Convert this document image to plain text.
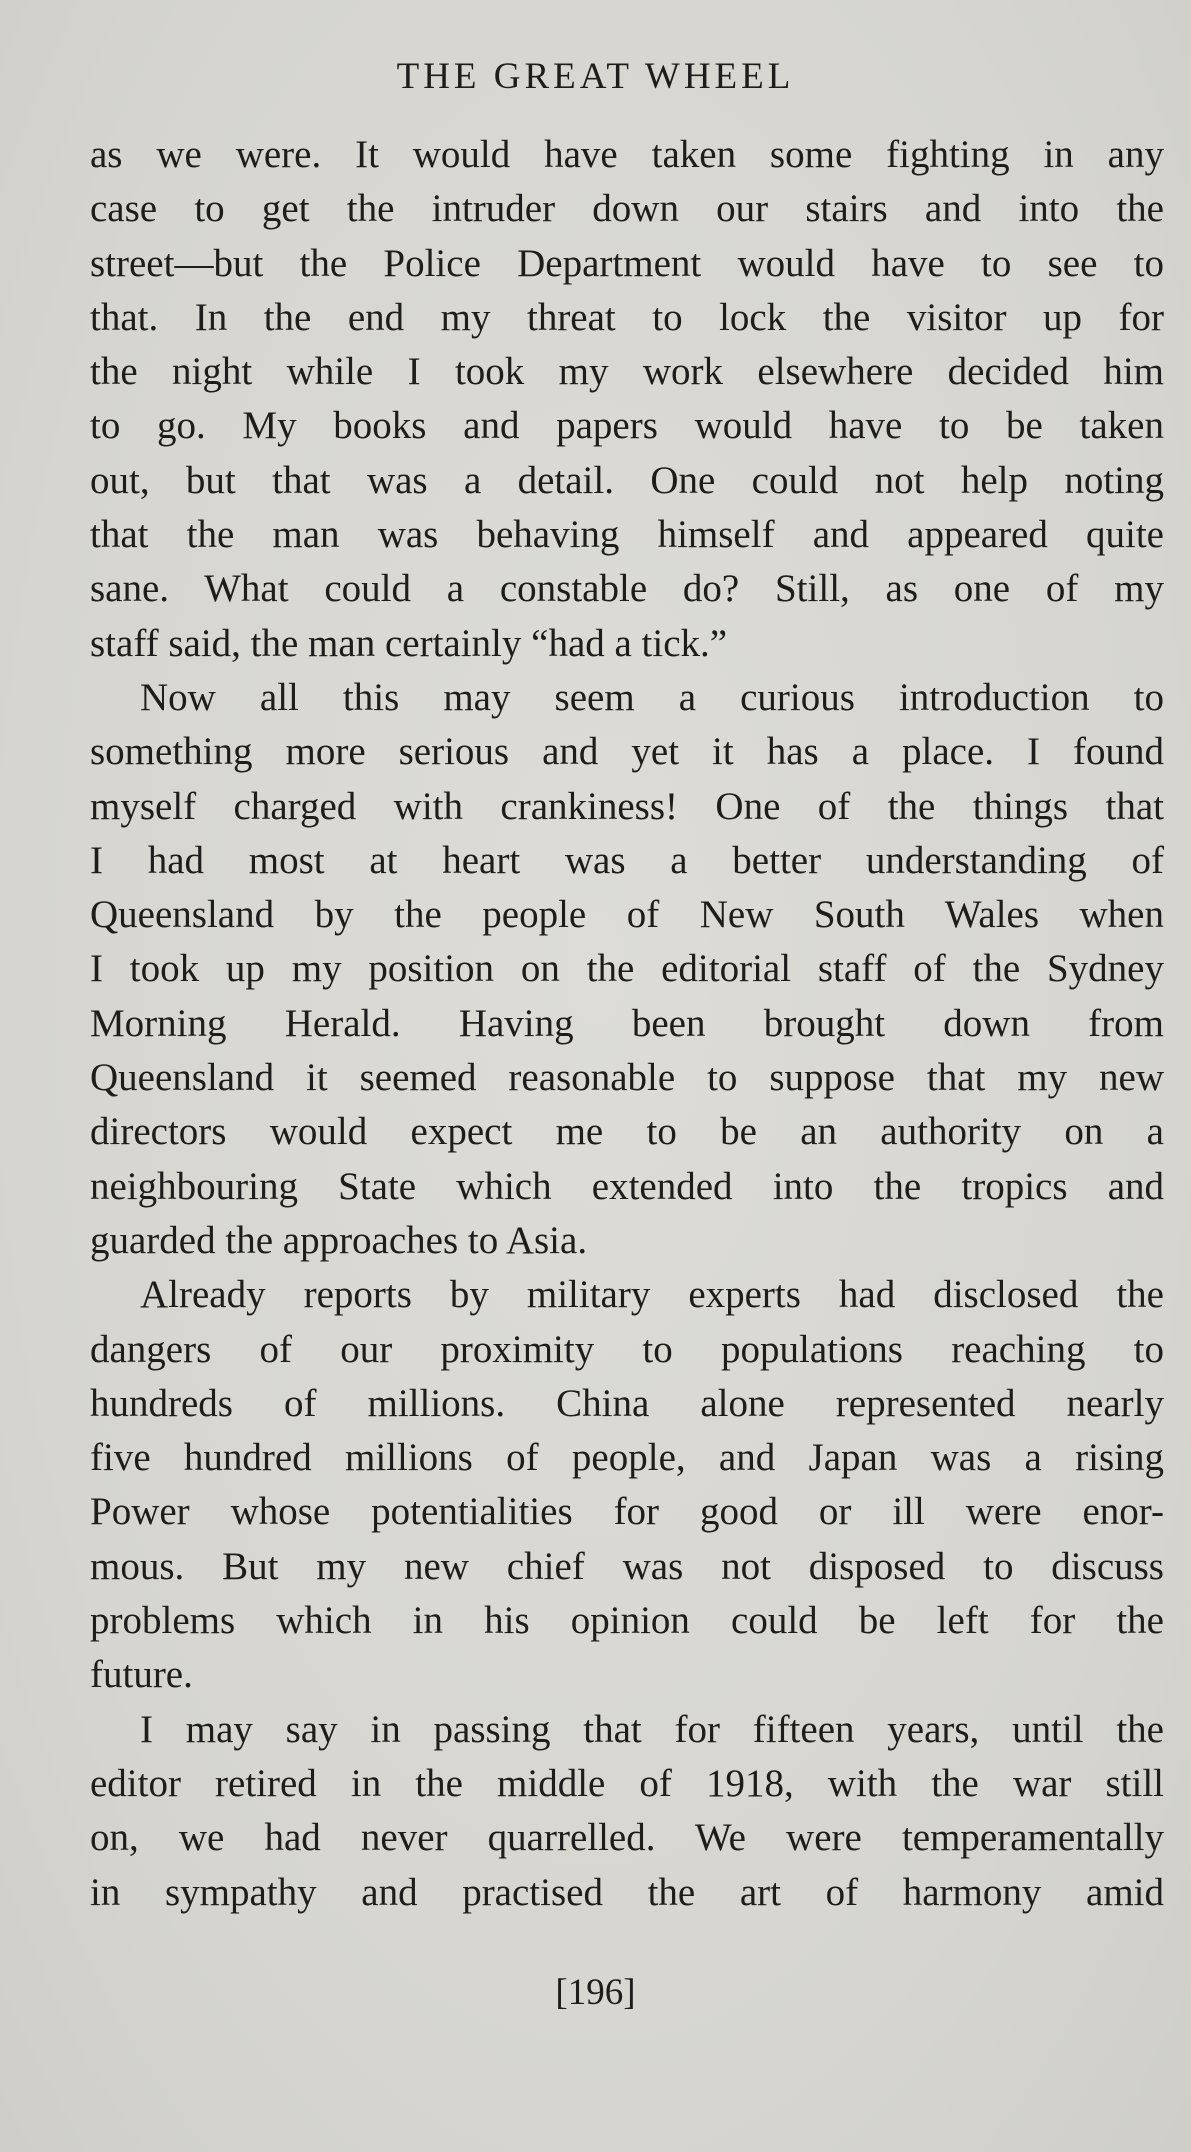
THE GREAT WHEEL
as we were. It would have taken some fighting in any
case to get the intruder down our stairs and into the
street—but the Police Department would have to see to
that. In the end my threat to lock the visitor up for
the night while I took my work elsewhere decided him
to go. My books and papers would have to be taken
out, but that was a detail. One could not help noting
that the man was behaving himself and appeared quite
sane. What could a constable do? Still, as one of my
staff said, the man certainly “had a tick.”
Now all this may seem a curious introduction to
something more serious and yet it has a place. I found
myself charged with crankiness! One of the things that
I had most at heart was a better understanding of
Queensland by the people of New South Wales when
I took up my position on the editorial staff of the Sydney
Morning Herald. Having been brought down from
Queensland it seemed reasonable to suppose that my new
directors would expect me to be an authority on a
neighbouring State which extended into the tropics and
guarded the approaches to Asia.
Already reports by military experts had disclosed the
dangers of our proximity to populations reaching to
hundreds of millions. China alone represented nearly
five hundred millions of people, and Japan was a rising
Power whose potentialities for good or ill were enor-
mous. But my new chief was not disposed to discuss
problems which in his opinion could be left for the
future.
I may say in passing that for fifteen years, until the
editor retired in the middle of 1918, with the war still
on, we had never quarrelled. We were temperamentally
in sympathy and practised the art of harmony amid
[196]
